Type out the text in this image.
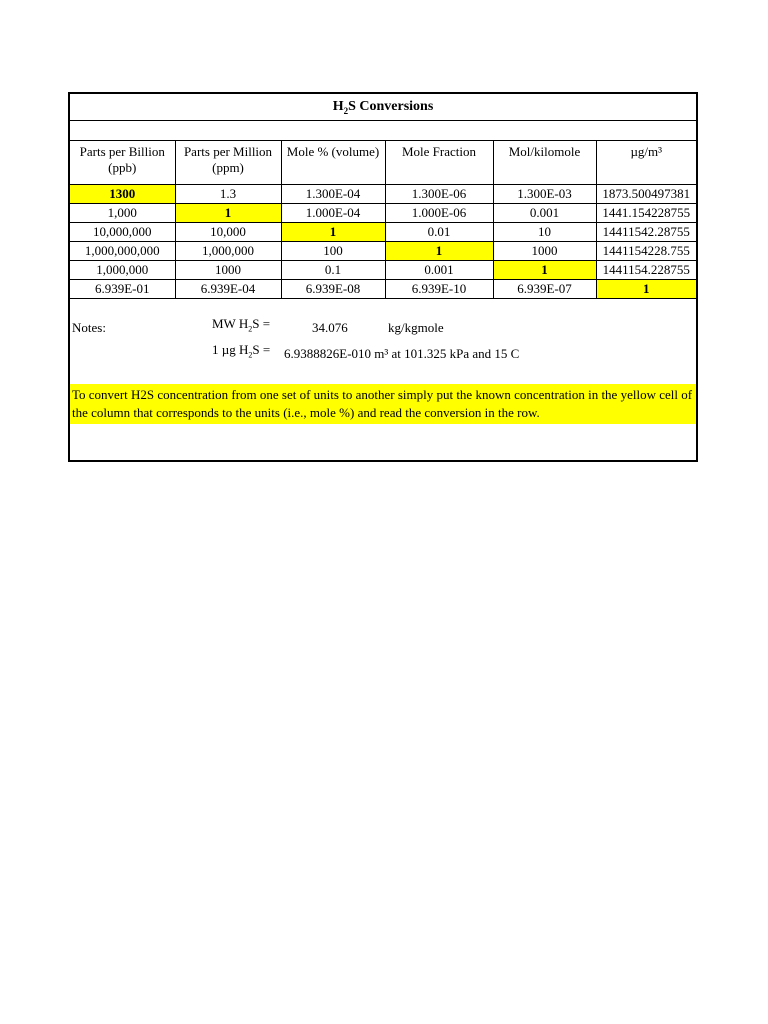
$H_2S$ Conversions
Parts per Billion (ppb)	Parts per Million (ppm)	Mole % (volume)	Mole Fraction	Mol/kilomole	µg/m³
1300	1.3	1.300E-04	1.300E-06	1.300E-03	1873.500497381
1,000	1	1.000E-04	1.000E-06	0.001	1441.154228755
10,000,000	10,000	1	0.01	10	14411542.28755
1,000,000,000	1,000,000	100	1	1000	1441154228.755
1,000,000	1000	0.1	0.001	1	1441154.228755
6.939E-01	6.939E-04	6.939E-08	6.939E-10	6.939E-07	1
Notes:	MW $H_2S$ =	34.076	kg/kgmole
1 µg $H_2S = 6.9388826E-010$ m³ at 101.325 kPa and 15 C
To convert H2S concentration from one set of units to another simply put the known concentration in the yellow cell of the column that corresponds to the units (i.e., mole %) and read the conversion in the row.
